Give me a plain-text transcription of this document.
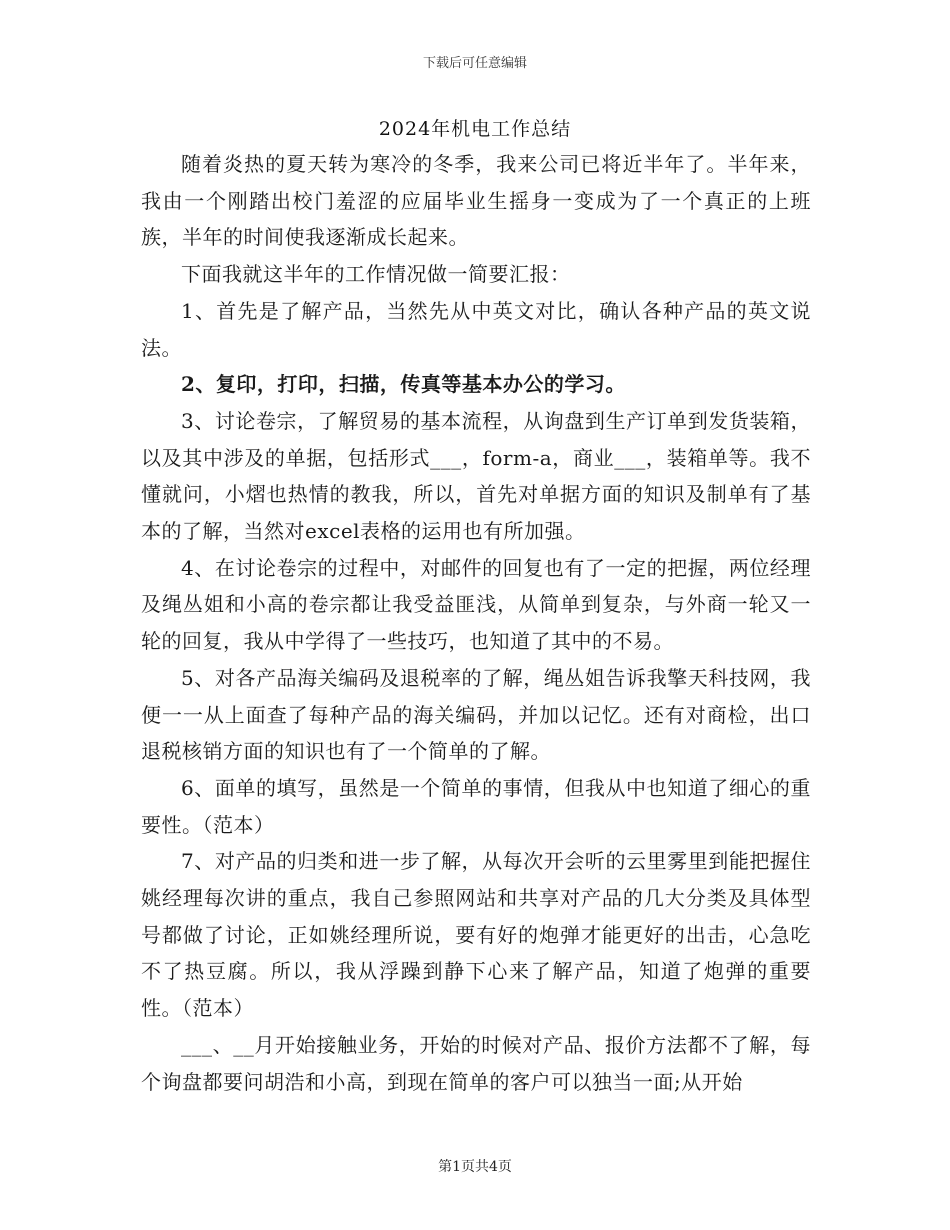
下载后可任意编辑
2024年机电工作总结

随着炎热的夏天转为寒冷的冬季，我来公司已将近半年了。半年来，我由一个刚踏出校门羞涩的应届毕业生摇身一变成为了一个真正的上班族，半年的时间使我逐渐成长起来。

下面我就这半年的工作情况做一简要汇报：

1、首先是了解产品，当然先从中英文对比，确认各种产品的英文说法。

2、复印，打印，扫描，传真等基本办公的学习。

3、讨论卷宗，了解贸易的基本流程，从询盘到生产订单到发货装箱，以及其中涉及的单据，包括形式___，form-a，商业___，装箱单等。我不懂就问，小熠也热情的教我，所以，首先对单据方面的知识及制单有了基本的了解，当然对excel表格的运用也有所加强。

4、在讨论卷宗的过程中，对邮件的回复也有了一定的把握，两位经理及绳丛姐和小高的卷宗都让我受益匪浅，从简单到复杂，与外商一轮又一轮的回复，我从中学得了一些技巧，也知道了其中的不易。

5、对各产品海关编码及退税率的了解，绳丛姐告诉我擎天科技网，我便一一从上面查了每种产品的海关编码，并加以记忆。还有对商检，出口退税核销方面的知识也有了一个简单的了解。

6、面单的填写，虽然是一个简单的事情，但我从中也知道了细心的重要性。（范本）

7、对产品的归类和进一步了解，从每次开会听的云里雾里到能把握住姚经理每次讲的重点，我自己参照网站和共享对产品的几大分类及具体型号都做了讨论，正如姚经理所说，要有好的炮弹才能更好的出击，心急吃不了热豆腐。所以，我从浮躁到静下心来了解产品，知道了炮弹的重要性。（范本）

___、__月开始接触业务，开始的时候对产品、报价方法都不了解，每个询盘都要问胡浩和小高，到现在简单的客户可以独当一面;从开始

第1页共4页
